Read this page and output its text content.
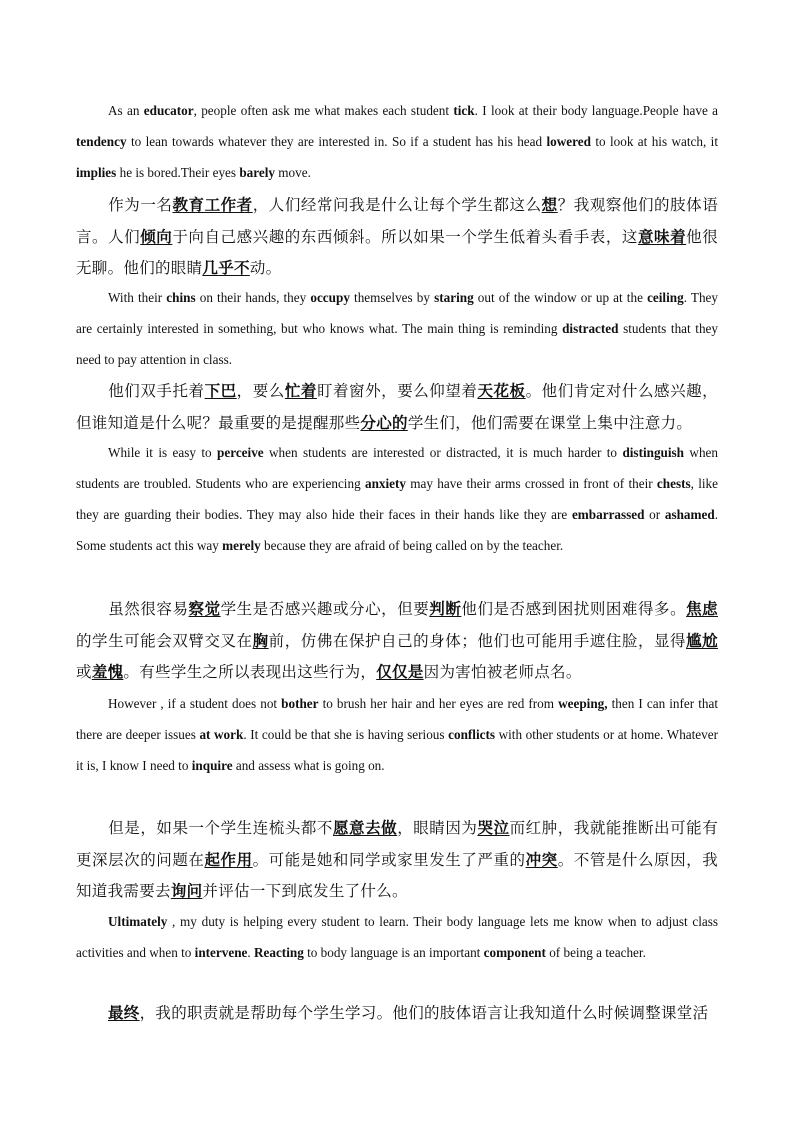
As an educator, people often ask me what makes each student tick. I look at their body language.People have a tendency to lean towards whatever they are interested in. So if a student has his head lowered to look at his watch, it implies he is bored.Their eyes barely move.

作为一名教育工作者，人们经常问我是什么让每个学生都这么想？我观察他们的肢体语言。人们倾向于向自己感兴趣的东西倾斜。所以如果一个学生低着头看手表，这意味着他很无聊。他们的眼睛几乎不动。

With their chins on their hands, they occupy themselves by staring out of the window or up at the ceiling. They are certainly interested in something, but who knows what. The main thing is reminding distracted students that they need to pay attention in class.

他们双手托着下巴，要么忙着盯着窗外，要么仰望着天花板。他们肯定对什么感兴趣，但谁知道是什么呢？最重要的是提醒那些分心的学生们，他们需要在课堂上集中注意力。

While it is easy to perceive when students are interested or distracted, it is much harder to distinguish when students are troubled. Students who are experiencing anxiety may have their arms crossed in front of their chests, like they are guarding their bodies. They may also hide their faces in their hands like they are embarrassed or ashamed. Some students act this way merely because they are afraid of being called on by the teacher.

虽然很容易察觉学生是否感兴趣或分心，但要判断他们是否感到困扰则困难得多。焦虑的学生可能会双臂交叉在胸前，仿佛在保护自己的身体；他们也可能用手遮住脸，显得尴尬或羞愧。有些学生之所以表现出这些行为，仅仅是因为害怕被老师点名。

However , if a student does not bother to brush her hair and her eyes are red from weeping, then I can infer that there are deeper issues at work. It could be that she is having serious conflicts with other students or at home. Whatever it is, I know I need to inquire and assess what is going on.

但是，如果一个学生连梳头都不愿意去做，眼睛因为哭泣而红肿，我就能推断出可能有更深层次的问题在起作用。可能是她和同学或家里发生了严重的冲突。不管是什么原因，我知道我需要去询问并评估一下到底发生了什么。

Ultimately , my duty is helping every student to learn. Their body language lets me know when to adjust class activities and when to intervene. Reacting to body language is an important component of being a teacher.

最终，我的职责就是帮助每个学生学习。他们的肢体语言让我知道什么时候调整课堂活
